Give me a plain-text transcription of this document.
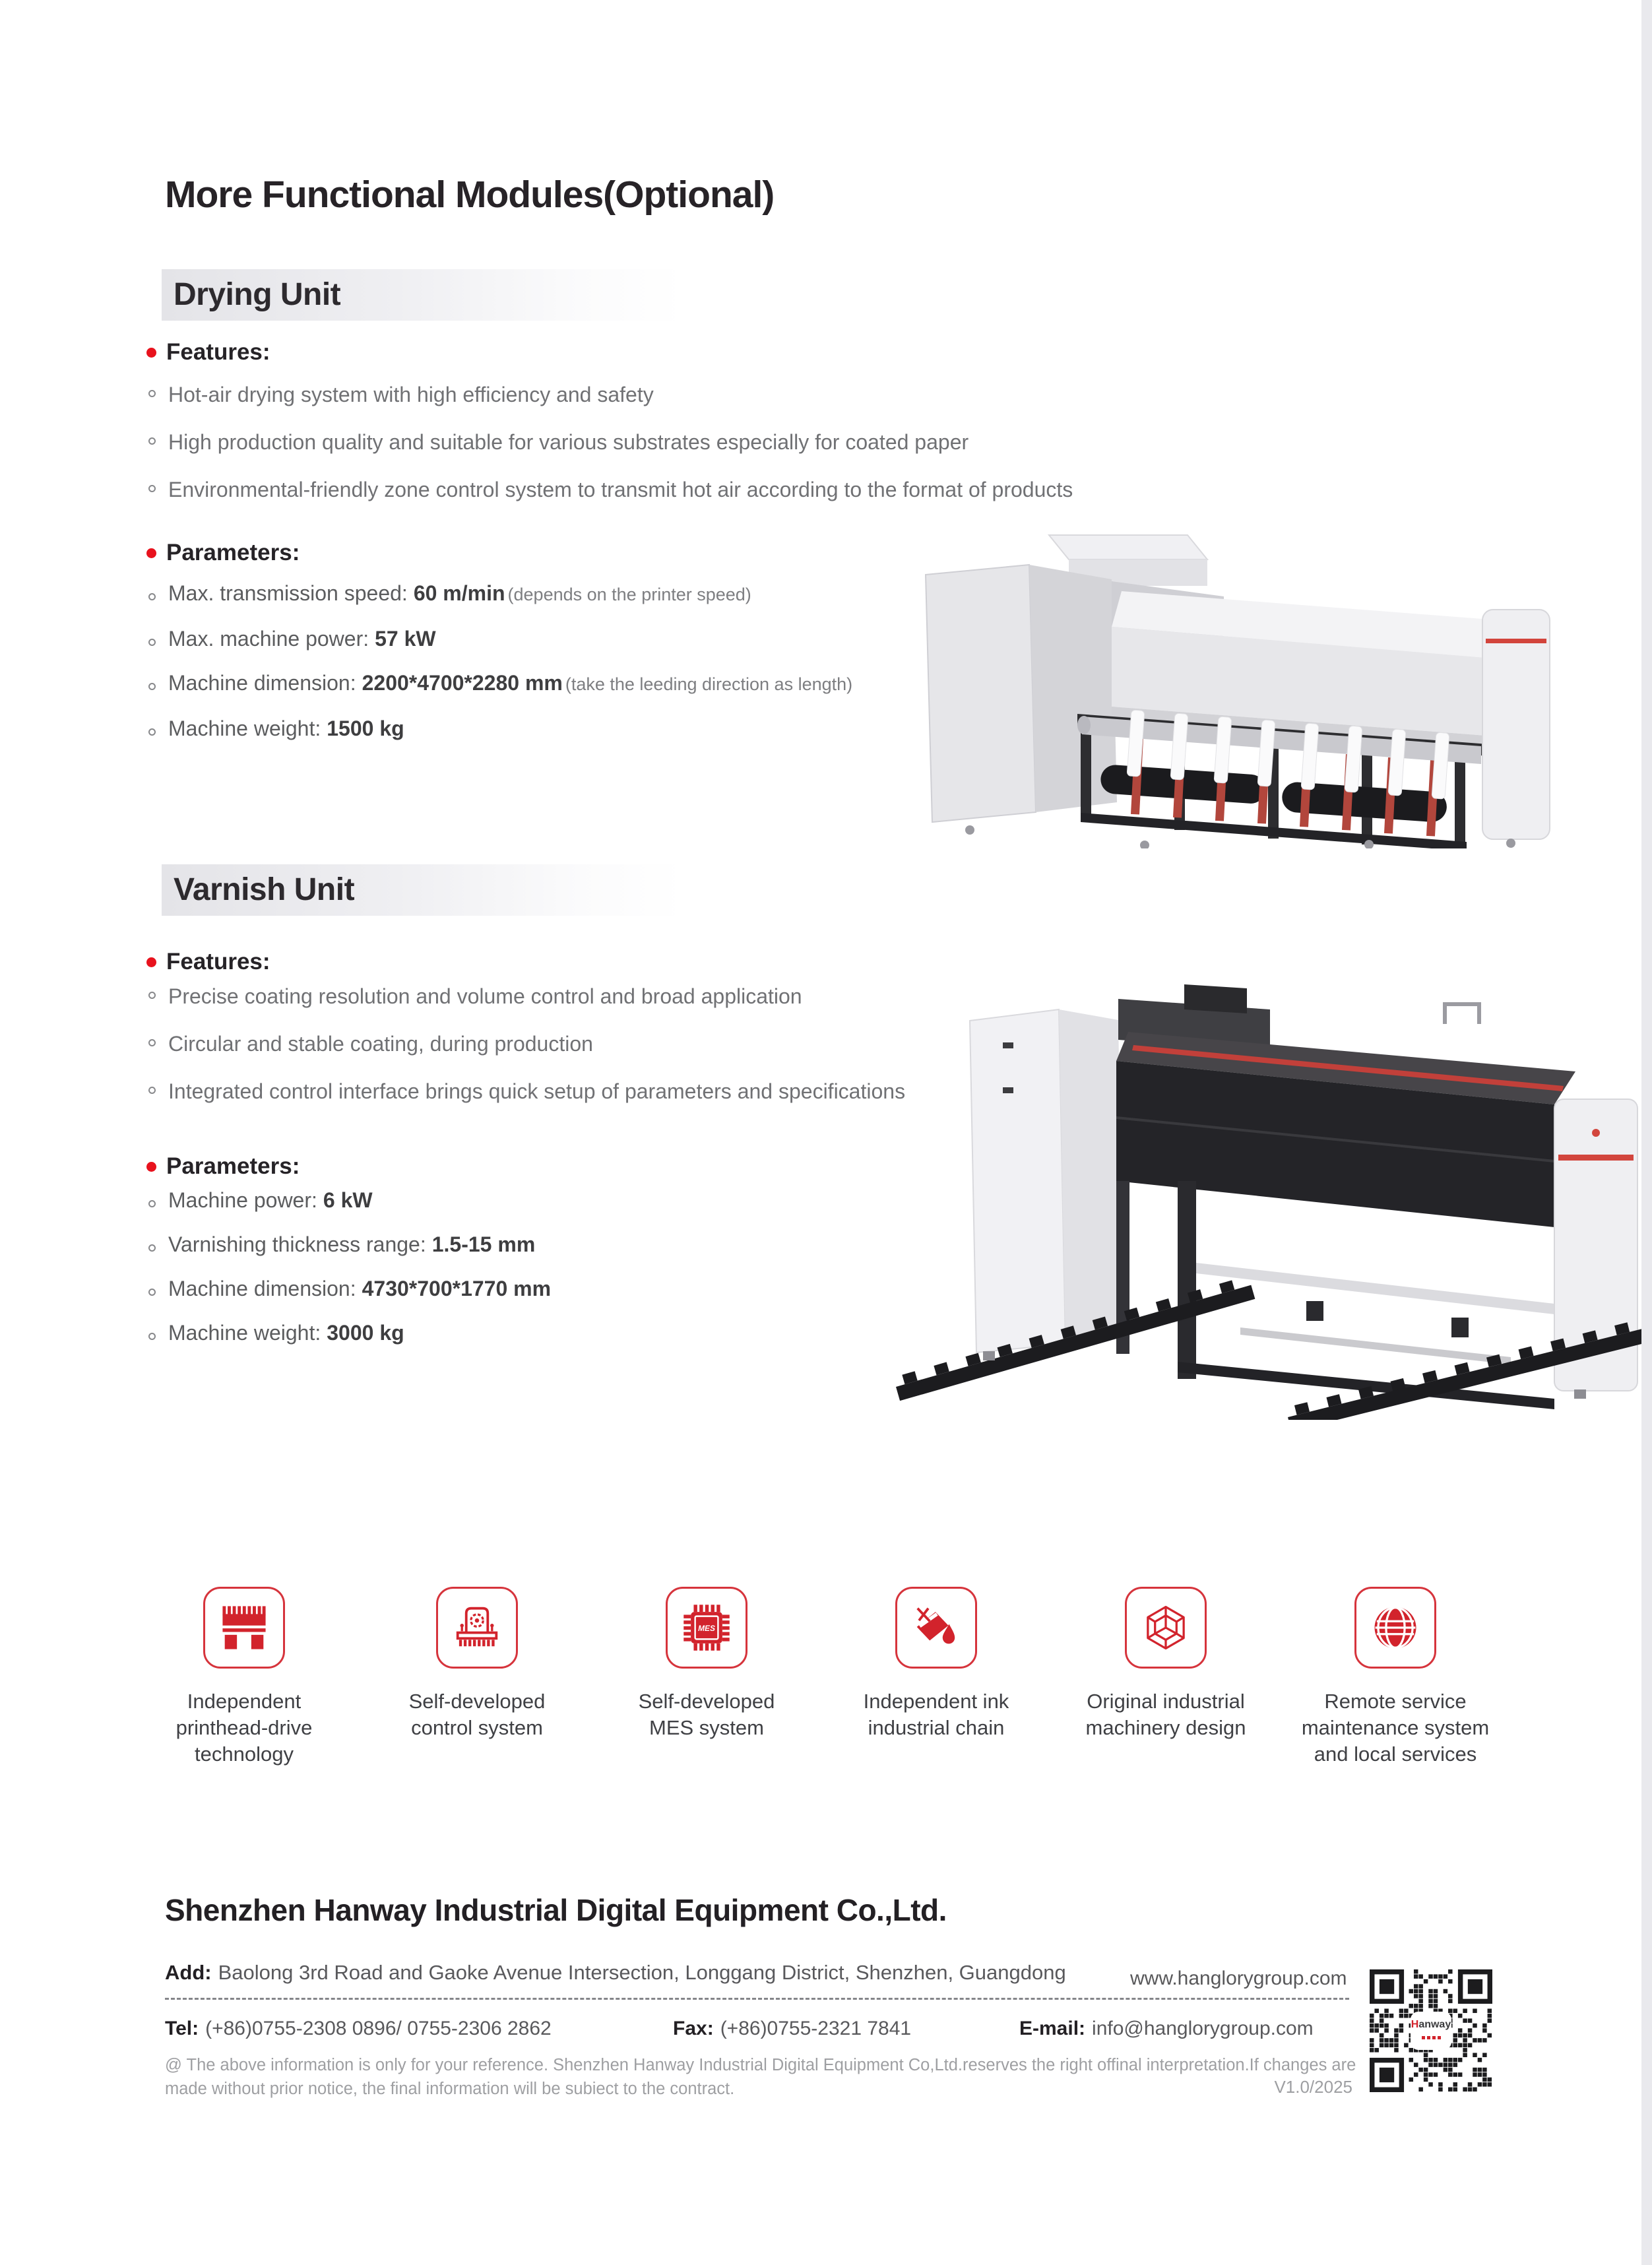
More Functional Modules(Optional)
Drying Unit
Features:
Hot-air drying system with high efficiency and safety
High production quality and suitable for various substrates especially for coated paper
Environmental-friendly zone control system to transmit hot air according to the format of products
Parameters:
Max. transmission speed: 60 m/min (depends on the printer speed)
Max. machine power: 57 kW
Machine dimension: 2200*4700*2280 mm (take the leeding direction as length)
Machine weight: 1500 kg
Varnish Unit
Features:
Precise coating resolution and volume control and broad application
Circular and stable coating, during production
Integrated control interface brings quick setup of parameters and specifications
Parameters:
Machine power: 6 kW
Varnishing thickness range: 1.5-15 mm
Machine dimension: 4730*700*1770 mm
Machine weight: 3000 kg
Independent printhead-drive technology
Self-developed control system
MES
Self-developed MES system
Independent ink industrial chain
Original industrial machinery design
Remote service maintenance system and local services
Shenzhen Hanway Industrial Digital Equipment Co.,Ltd.
Add: Baolong 3rd Road and Gaoke Avenue Intersection, Longgang District, Shenzhen, Guangdong	www.hanglorygroup.com
Tel: (+86)0755-2308 0896/ 0755-2306 2862	Fax: (+86)0755-2321 7841	E-mail: info@hanglorygroup.com
@ The above information is only for your reference. Shenzhen Hanway Industrial Digital Equipment Co,Ltd.reserves the right offinal interpretation.If changes are made without prior notice, the final information will be subiect to the contract.	V1.0/2025
Hanway
